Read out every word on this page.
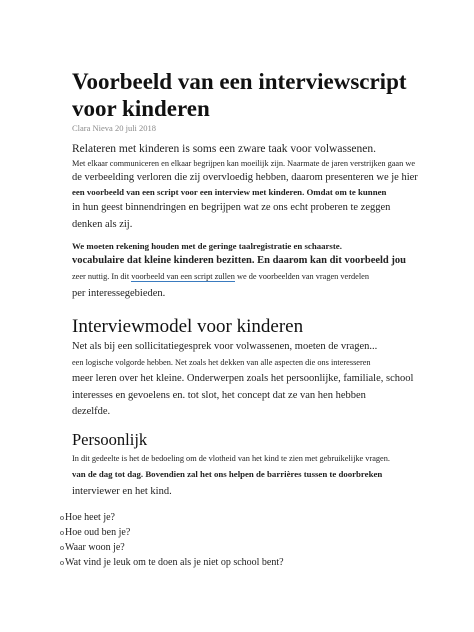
Voorbeeld van een interviewscript voor kinderen

Clara Nieva 20 juli 2018

Relateren met kinderen is soms een zware taak voor volwassenen.

Met elkaar communiceren en elkaar begrijpen kan moeilijk zijn. Naarmate de jaren verstrijken gaan we

de verbeelding verloren die zij overvloedig hebben, daarom presenteren we je hier

een voorbeeld van een script voor een interview met kinderen. Omdat om te kunnen

in hun geest binnendringen en begrijpen wat ze ons echt proberen te zeggen

denken als zij.

We moeten rekening houden met de geringe taalregistratie en schaarste.

vocabulaire dat kleine kinderen bezitten. En daarom kan dit voorbeeld jou

zeer nuttig. In dit voorbeeld van een script zullen we de voorbeelden van vragen verdelen

per interessegebieden.

Interviewmodel voor kinderen

Net als bij een sollicitatiegesprek voor volwassenen, moeten de vragen...

een logische volgorde hebben. Net zoals het dekken van alle aspecten die ons interesseren

meer leren over het kleine. Onderwerpen zoals het persoonlijke, familiale, school

interesses en gevoelens en. tot slot, het concept dat ze van hen hebben

dezelfde.

Persoonlijk

In dit gedeelte is het de bedoeling om de vlotheid van het kind te zien met gebruikelijke vragen.

van de dag tot dag. Bovendien zal het ons helpen de barrières tussen te doorbreken

interviewer en het kind.

oHoe heet je?

oHoe oud ben je?

oWaar woon je?

oWat vind je leuk om te doen als je niet op school bent?
